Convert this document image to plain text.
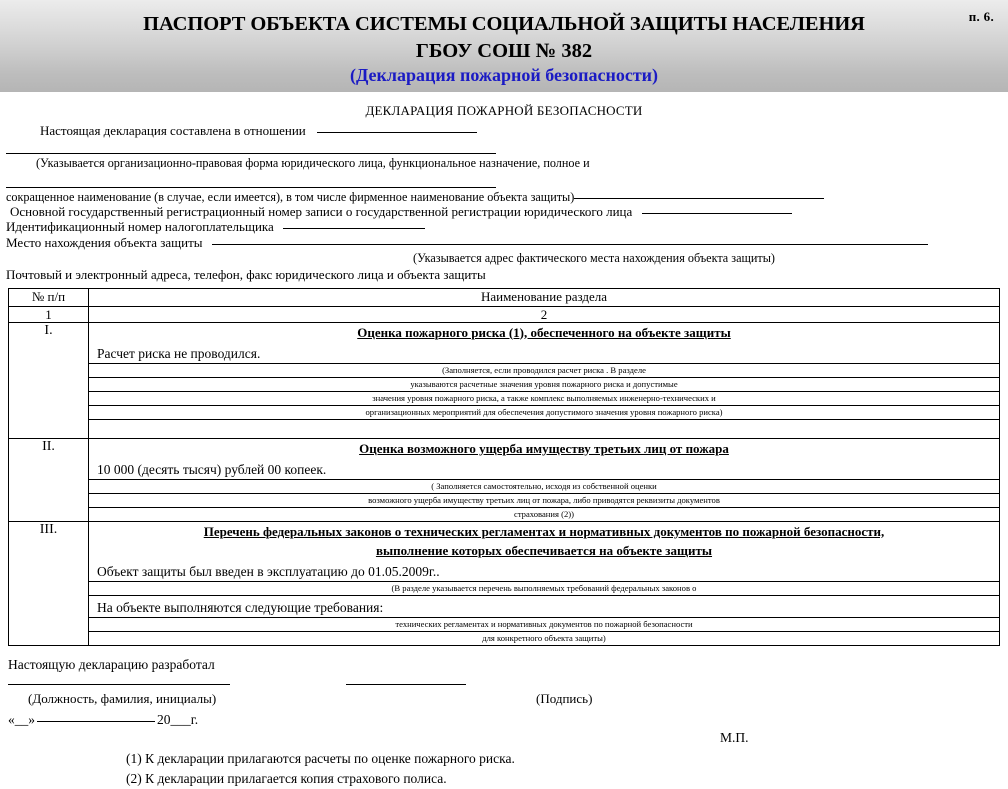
п. 6.
ПАСПОРТ ОБЪЕКТА СИСТЕМЫ СОЦИАЛЬНОЙ ЗАЩИТЫ НАСЕЛЕНИЯ
ГБОУ СОШ № 382
(Декларация пожарной безопасности)
ДЕКЛАРАЦИЯ ПОЖАРНОЙ БЕЗОПАСНОСТИ
Настоящая декларация составлена в отношении
(Указывается организационно-правовая форма юридического лица, функциональное назначение, полное и
сокращенное наименование (в случае, если имеется), в том числе фирменное наименование объекта защиты)
Основной государственный регистрационный номер записи о государственной регистрации юридического лица
Идентификационный номер налогоплательщика
Место нахождения объекта защиты
(Указывается адрес фактического места нахождения объекта защиты)
Почтовый и электронный адреса, телефон, факс юридического лица и объекта защиты
№ п/п	Наименование раздела
1	2
I.	Оценка пожарного риска (1), обеспеченного на объекте защиты
Расчет риска не проводился.
(Заполняется, если проводился расчет риска . В разделе
указываются расчетные значения уровня пожарного риска и допустимые
значения уровня пожарного риска, а также комплекс выполняемых инженерно-технических и
организационных мероприятий для обеспечения допустимого значения уровня пожарного риска)

II.	Оценка возможного ущерба имуществу третьих лиц от пожара
10 000 (десять тысяч) рублей 00 копеек.
( Заполняется самостоятельно, исходя из собственной оценки
возможного ущерба имуществу третьих лиц от пожара, либо приводятся реквизиты документов
страхования (2))

III.	Перечень федеральных законов о технических регламентах и нормативных документов по пожарной безопасности,
выполнение которых обеспечивается на объекте защиты
Объект защиты был введен в эксплуатацию до 01.05.2009г..
(В разделе указывается перечень выполняемых требований федеральных законов о
На объекте выполняются следующие требования:
технических регламентах и нормативных документов по пожарной безопасности
для конкретного объекта защиты)
Настоящую декларацию разработал
(Должность, фамилия, инициалы)	(Подпись)
«__»	20___г.
М.П.
(1) К декларации прилагаются расчеты по оценке пожарного риска.
(2) К декларации прилагается копия страхового полиса.
